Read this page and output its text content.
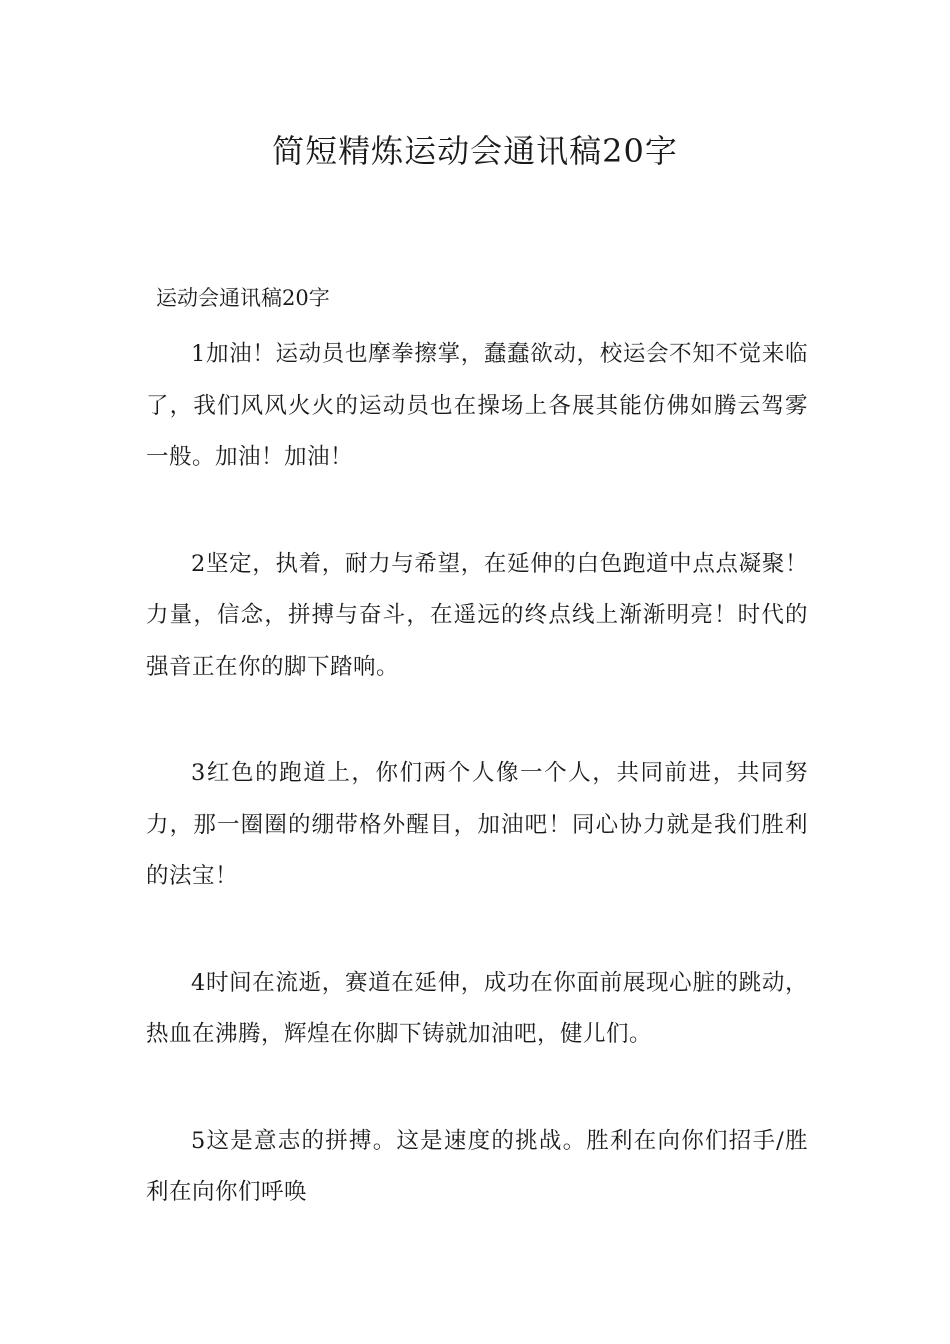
简短精炼运动会通讯稿20字

运动会通讯稿20字

1加油！运动员也摩拳擦掌，蠢蠢欲动，校运会不知不觉来临了，我们风风火火的运动员也在操场上各展其能仿佛如腾云驾雾一般。加油！加油！

2坚定，执着，耐力与希望，在延伸的白色跑道中点点凝聚！力量，信念，拼搏与奋斗，在遥远的终点线上渐渐明亮！时代的强音正在你的脚下踏响。

3红色的跑道上，你们两个人像一个人，共同前进，共同努力，那一圈圈的绷带格外醒目，加油吧！同心协力就是我们胜利的法宝！

4时间在流逝，赛道在延伸，成功在你面前展现心脏的跳动，热血在沸腾，辉煌在你脚下铸就加油吧，健儿们。

5这是意志的拼搏。这是速度的挑战。胜利在向你们招手/胜利在向你们呼唤
